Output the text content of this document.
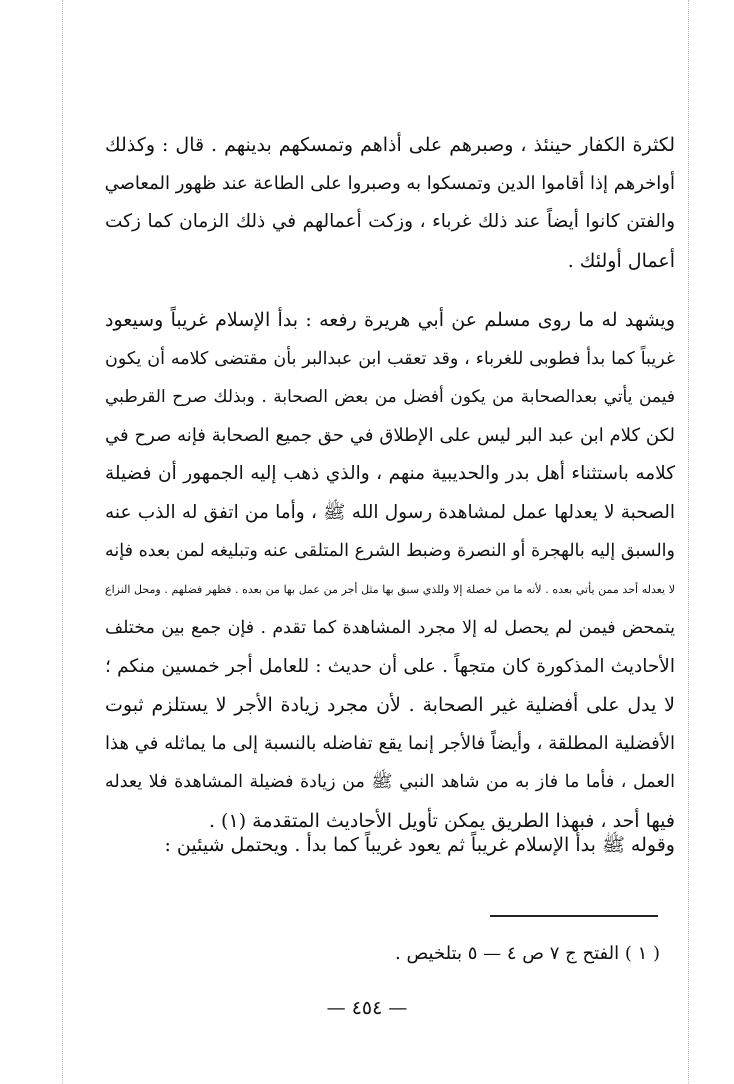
لكثرة الكفار حينئذ ، وصبرهم على أذاهم وتمسكهم بدينهم . قال : وكذلك
أواخرهم إذا أقاموا الدين وتمسكوا به وصبروا على الطاعة عند ظهور المعاصي
والفتن كانوا أيضاً عند ذلك غرباء ، وزكت أعمالهم في ذلك الزمان كما زكت
أعمال أولئك .
ويشهد له ما روى مسلم عن أبي هريرة رفعه : بدأ الإسلام غريباً وسيعود
غريباً كما بدأ فطوبى للغرباء ، وقد تعقب ابن عبدالبر بأن مقتضى كلامه أن يكون
فيمن يأتي بعدالصحابة من يكون أفضل من بعض الصحابة . وبذلك صرح القرطبي
لكن كلام ابن عبد البر ليس على الإطلاق في حق جميع الصحابة فإنه صرح في
كلامه باستثناء أهل بدر والحديبية منهم ، والذي ذهب إليه الجمهور أن فضيلة
الصحبة لا يعدلها عمل لمشاهدة رسول الله ﷺ ، وأما من اتفق له الذب عنه
والسبق إليه بالهجرة أو النصرة وضبط الشرع المتلقى عنه وتبليغه لمن بعده فإنه
لا يعدله أحد ممن يأتي بعده . لأنه ما من خصلة إلا وللذي سبق بها مثل أجر من عمل بها من بعده . فظهر فضلهم . ومحل النزاع
يتمحض فيمن لم يحصل له إلا مجرد المشاهدة كما تقدم . فإن جمع بين مختلف
الأحاديث المذكورة كان متجهاً . على أن حديث : للعامل أجر خمسين منكم ؛
لا يدل على أفضلية غير الصحابة . لأن مجرد زيادة الأجر لا يستلزم ثبوت
الأفضلية المطلقة ، وأيضاً فالأجر إنما يقع تفاضله بالنسبة إلى ما يماثله في هذا
العمل ، فأما ما فاز به من شاهد النبي ﷺ من زيادة فضيلة المشاهدة فلا يعدله
فيها أحد ، فبهذا الطريق يمكن تأويل الأحاديث المتقدمة (١) .
وقوله ﷺ بدأ الإسلام غريباً ثم يعود غريباً كما بدأ . ويحتمل شيئين :
( ١ ) الفتح ج ٧ ص ٤ — ٥ بتلخيص .
— ٤٥٤ —
